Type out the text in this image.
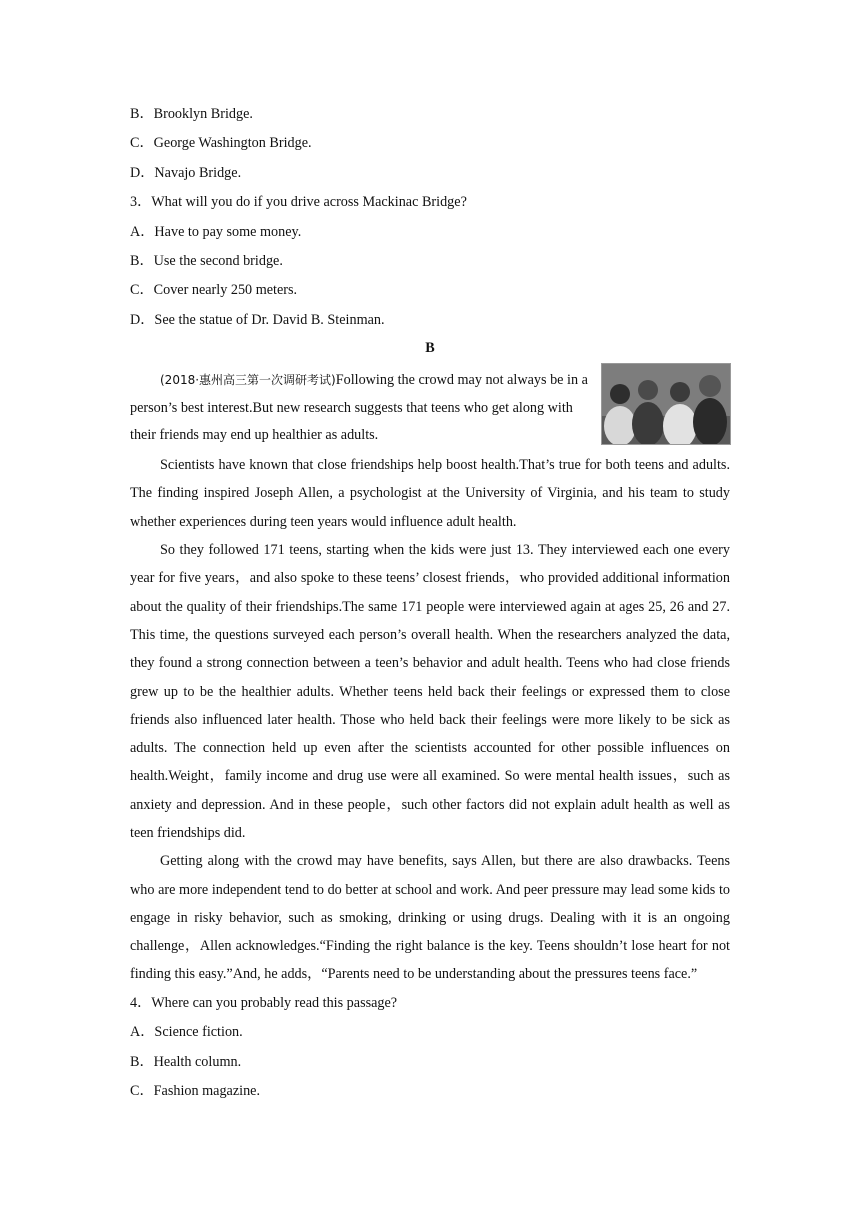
B．Brooklyn Bridge.
C．George Washington Bridge.
D．Navajo Bridge.
3．What will you do if you drive across Mackinac Bridge?
A．Have to pay some money.
B．Use the second bridge.
C．Cover nearly 250 meters.
D．See the statue of Dr. David B. Steinman.
B
(2018·惠州高三第一次调研考试)Following the crowd may not always be in a person’s best interest.But new research suggests that teens who get along with their friends may end up healthier as adults.
Scientists have known that close friendships help boost health.That’s true for both teens and adults. The finding inspired Joseph Allen, a psychologist at the University of Virginia, and his team to study whether experiences during teen years would influence adult health.
So they followed 171 teens, starting when the kids were just 13. They interviewed each one every year for five years，and also spoke to these teens’ closest friends，who provided additional information about the quality of their friendships.The same 171 people were interviewed again at ages 25, 26 and 27. This time, the questions surveyed each person’s overall health. When the researchers analyzed the data, they found a strong connection between a teen’s behavior and adult health. Teens who had close friends grew up to be the healthier adults. Whether teens held back their feelings or expressed them to close friends also influenced later health. Those who held back their feelings were more likely to be sick as adults. The connection held up even after the scientists accounted for other possible influences on health.Weight，family income and drug use were all examined. So were mental health issues，such as anxiety and depression. And in these people，such other factors did not explain adult health as well as teen friendships did.
Getting along with the crowd may have benefits, says Allen, but there are also drawbacks. Teens who are more independent tend to do better at school and work. And peer pressure may lead some kids to engage in risky behavior, such as smoking, drinking or using drugs. Dealing with it is an ongoing challenge，Allen acknowledges.“Finding the right balance is the key. Teens shouldn’t lose heart for not finding this easy.”And, he adds，“Parents need to be understanding about the pressures teens face.”
4．Where can you probably read this passage?
A．Science fiction.
B．Health column.
C．Fashion magazine.
